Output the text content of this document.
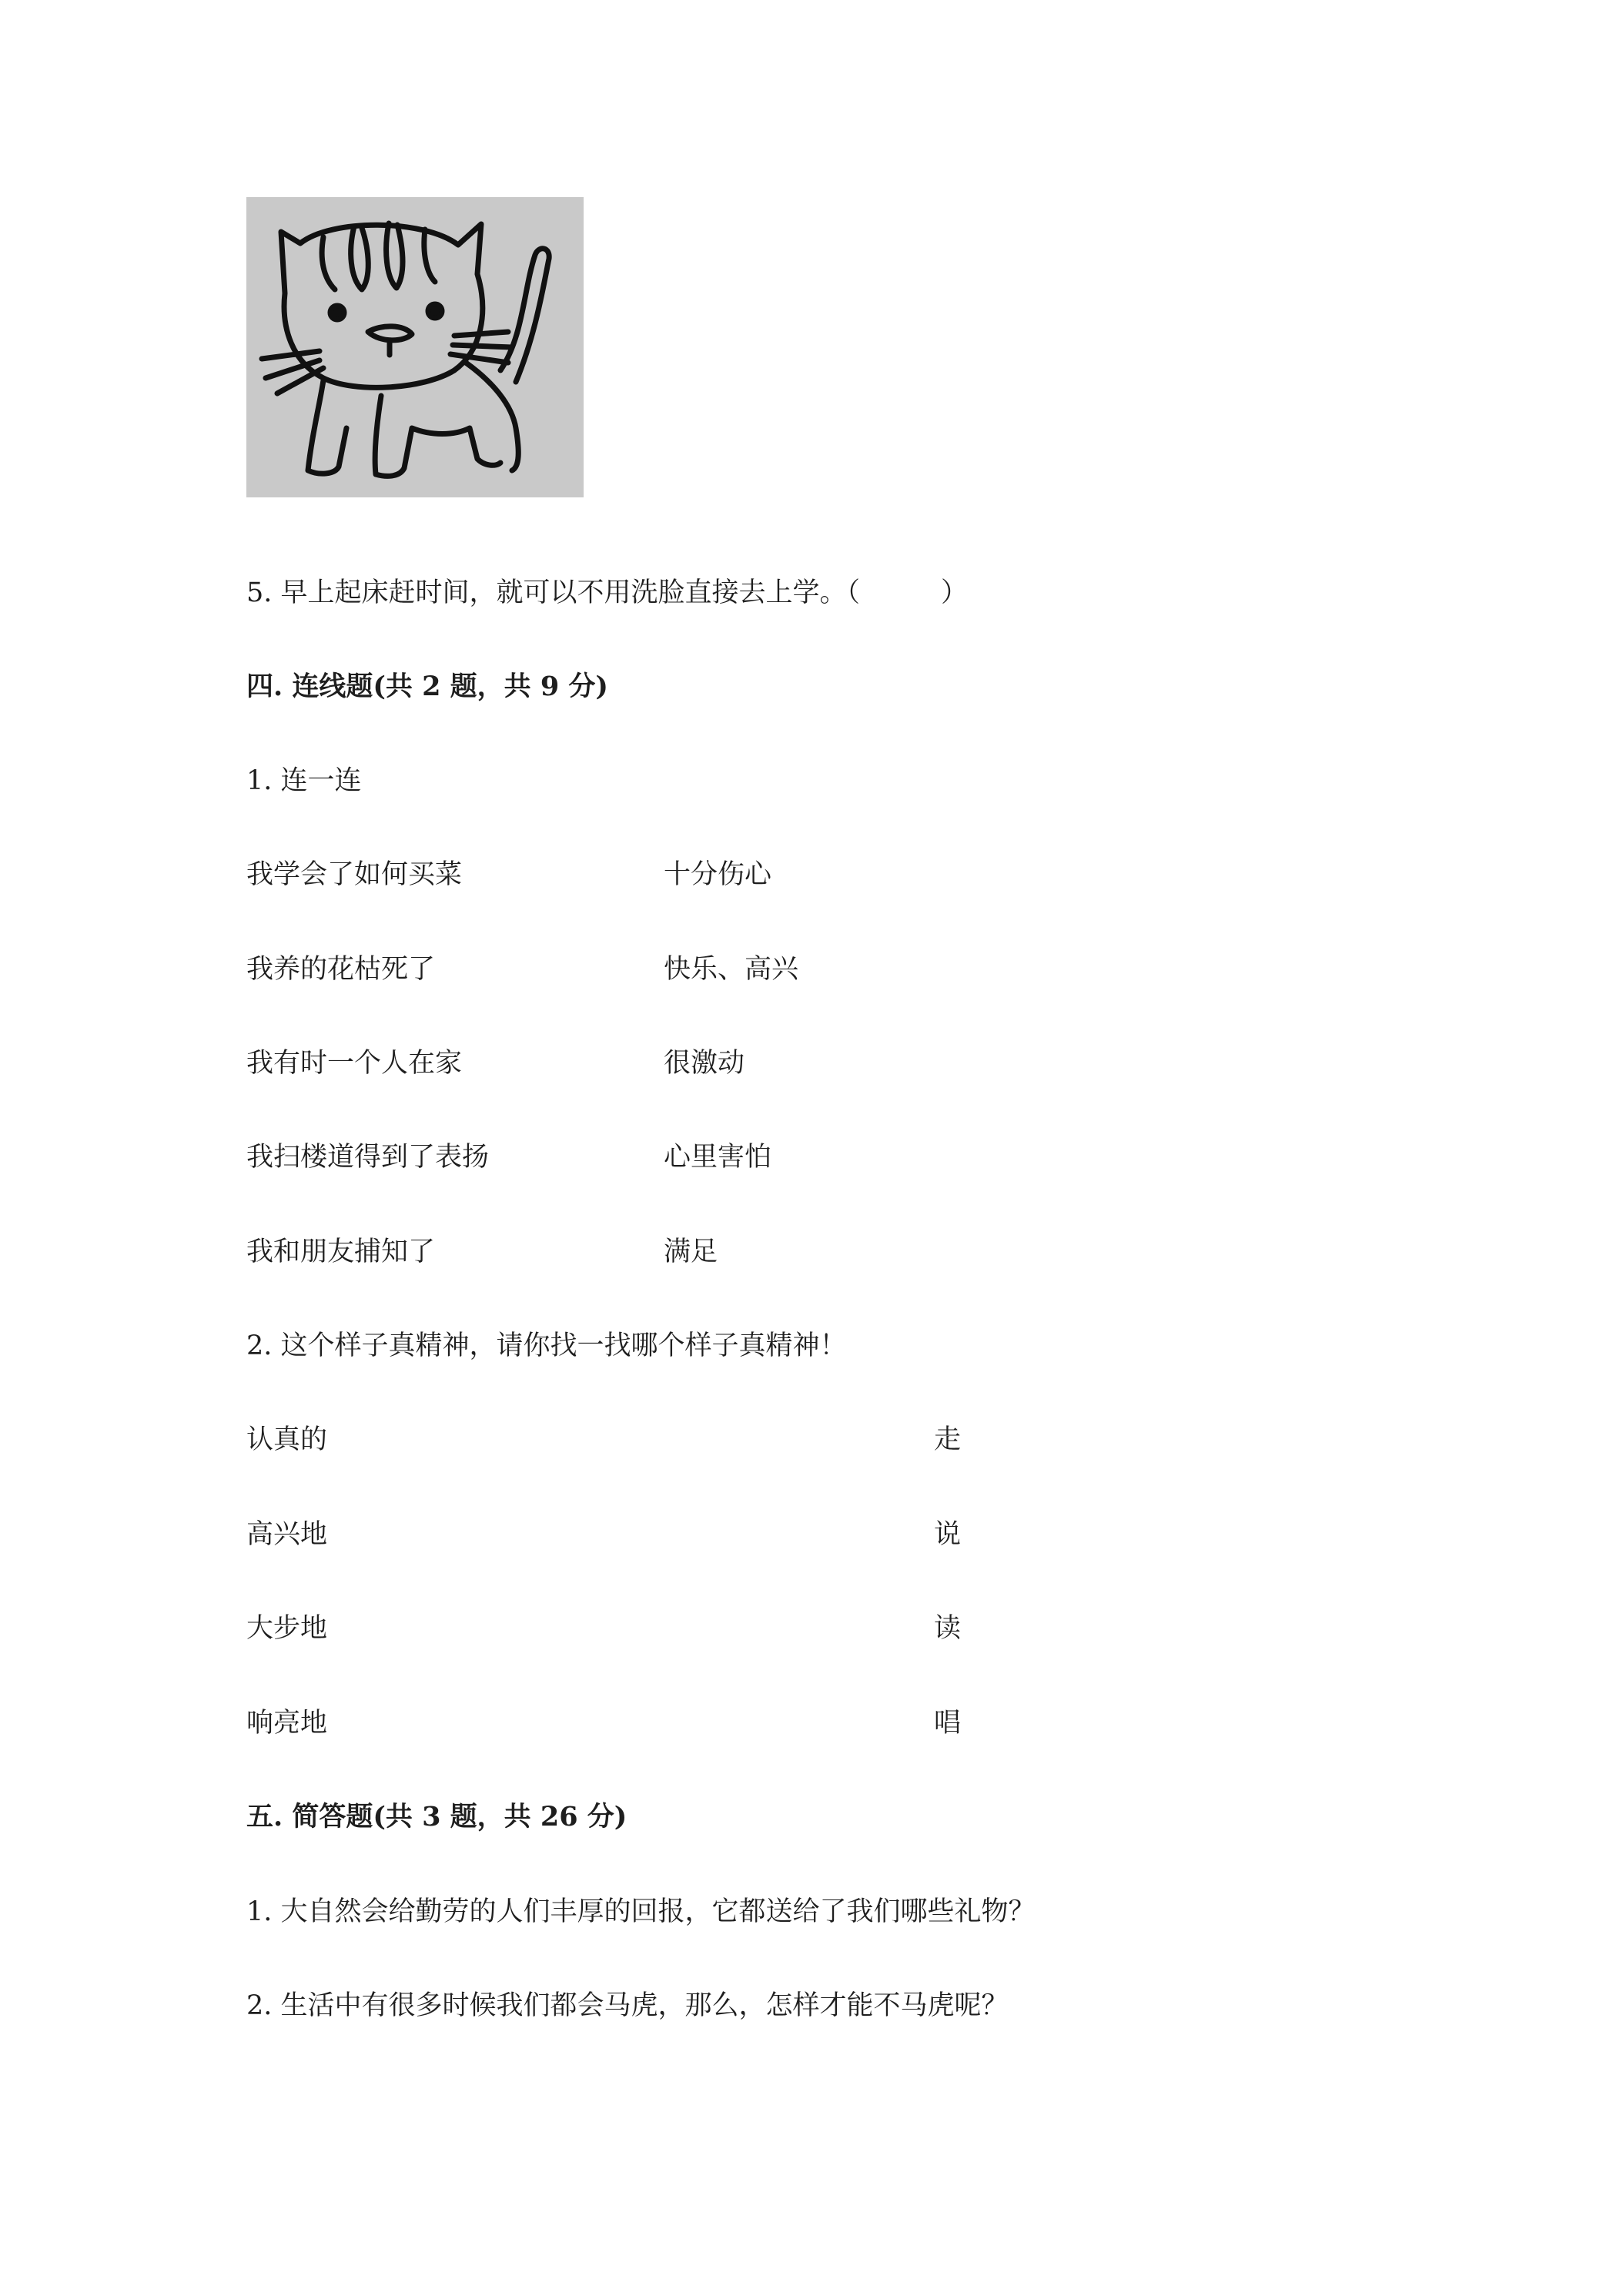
5. 早上起床赶时间，就可以不用洗脸直接去上学。（　　　）
四. 连线题(共 2 题，共 9 分)
1. 连一连
我学会了如何买菜	十分伤心
我养的花枯死了	快乐、高兴
我有时一个人在家	很激动
我扫楼道得到了表扬	心里害怕
我和朋友捕知了	满足
2. 这个样子真精神，请你找一找哪个样子真精神！
认真的	走
高兴地	说
大步地	读
响亮地	唱
五. 简答题(共 3 题，共 26 分)
1. 大自然会给勤劳的人们丰厚的回报，它都送给了我们哪些礼物？
2. 生活中有很多时候我们都会马虎，那么，怎样才能不马虎呢？
